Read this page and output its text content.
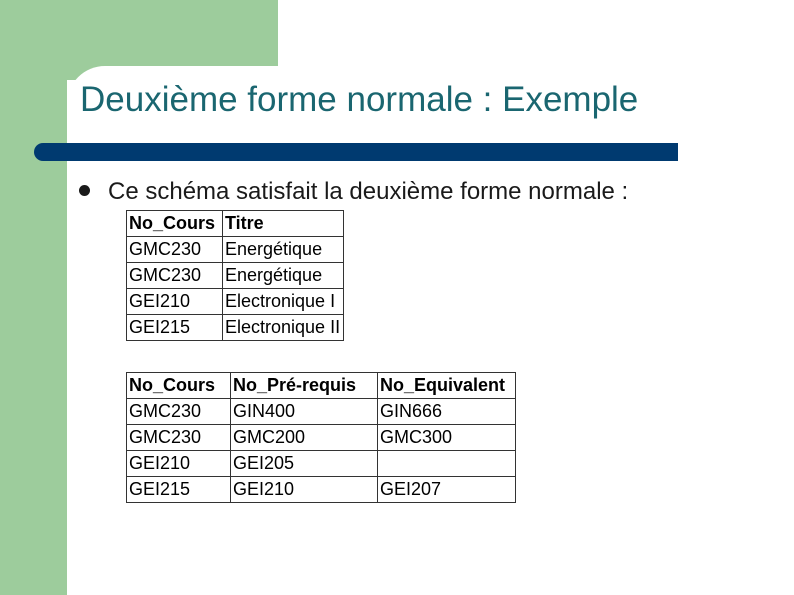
Deuxième forme normale : Exemple
Ce schéma satisfait la deuxième forme normale :
No_Cours	Titre
GMC230	Energétique
GMC230	Energétique
GEI210	Electronique I
GEI215	Electronique II
No_Cours	No_Pré-requis	No_Equivalent
GMC230	GIN400	GIN666
GMC230	GMC200	GMC300
GEI210	GEI205	
GEI215	GEI210	GEI207
